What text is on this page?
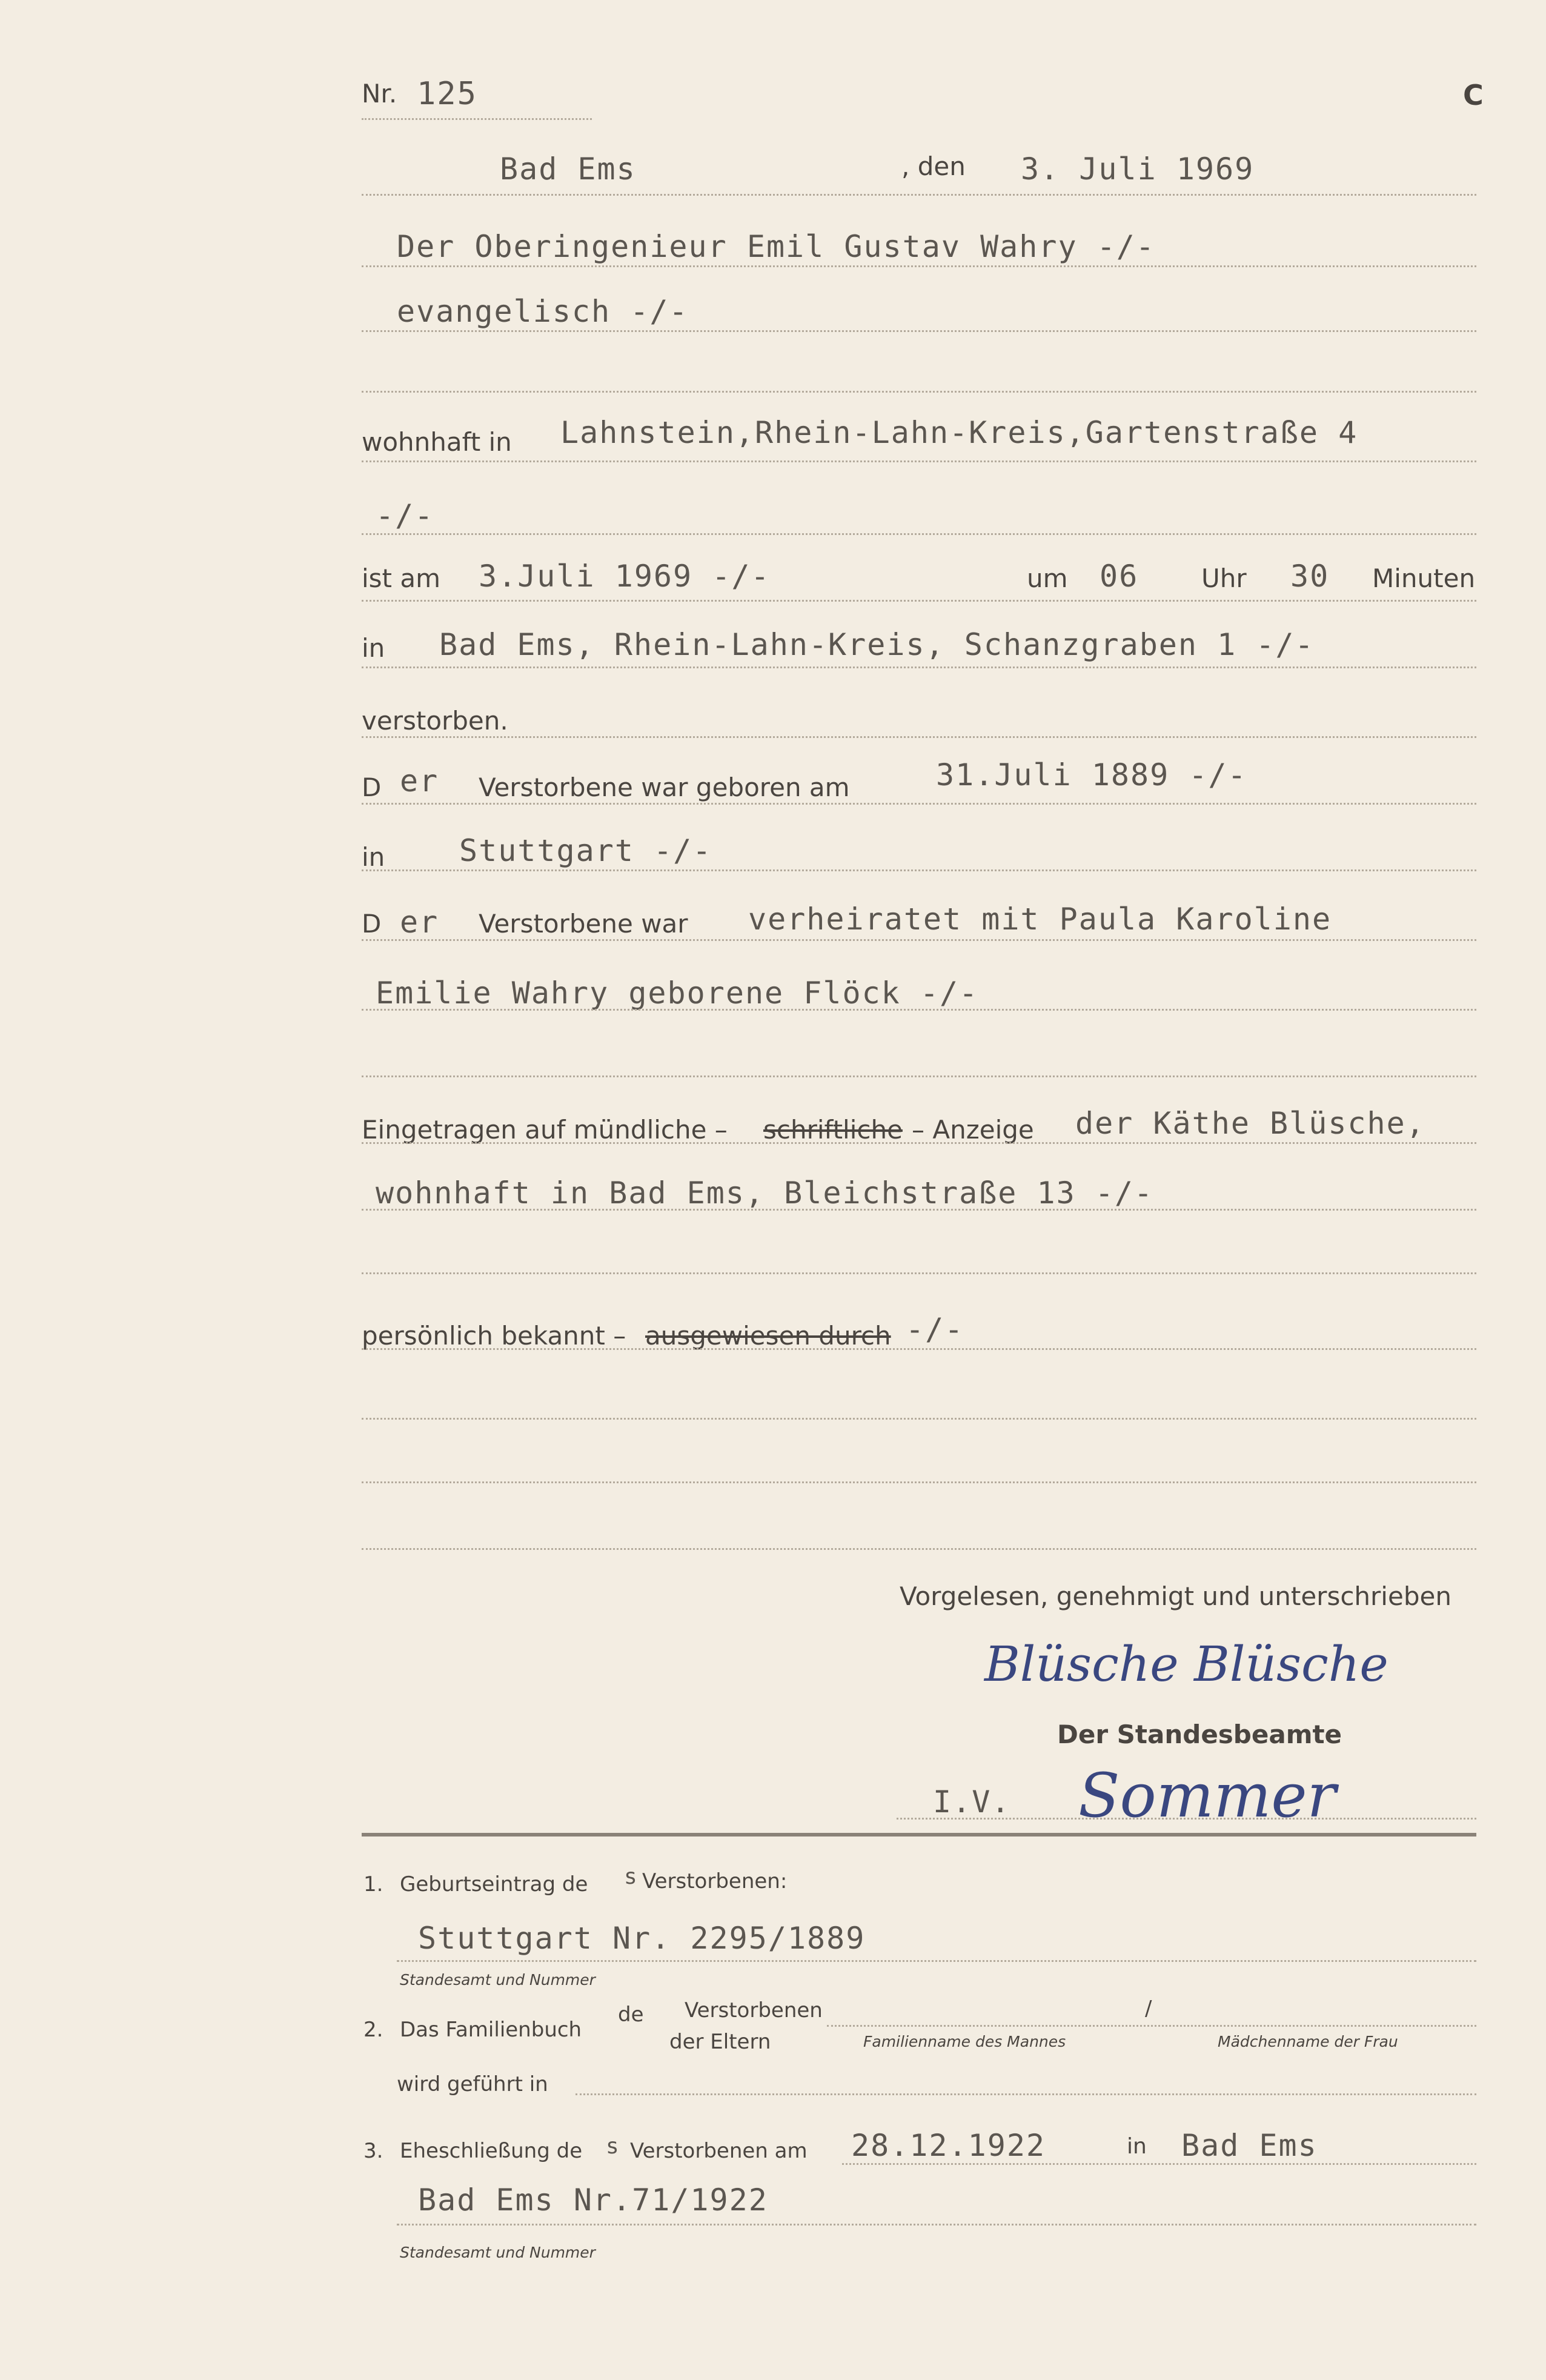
Nr. 125	C
Bad Ems	, den 3. Juli 1969
Der Oberingenieur Emil Gustav Wahry -/-
evangelisch -/-
wohnhaft in Lahnstein,Rhein-Lahn-Kreis,Gartenstraße 4
-/-
ist am 3.Juli 1969 -/-	um 06 Uhr 30 Minuten
in Bad Ems, Rhein-Lahn-Kreis, Schanzgraben 1 -/-
verstorben.
D er Verstorbene war geboren am	31.Juli 1889 -/-
in Stuttgart -/-
D er Verstorbene war verheiratet mit Paula Karoline
Emilie Wahry geborene Flöck -/-
Eingetragen auf mündliche – schriftliche – Anzeige der Käthe Blüsche,
wohnhaft in Bad Ems, Bleichstraße 13 -/-
persönlich bekannt – ausgewiesen durch -/-
Vorgelesen, genehmigt und unterschrieben
Blüsche Blüsche
Der Standesbeamte
I.V. Sommer
1. Geburtseintrag de s Verstorbenen:
Stuttgart Nr. 2295/1889
Standesamt und Nummer
2. Das Familienbuch
de Verstorbenen
der Eltern
/
Familienname des Mannes	Mädchenname der Frau
wird geführt in
3. Eheschließung de s Verstorbenen am 28.12.1922	in Bad Ems
Bad Ems Nr.71/1922
Standesamt und Nummer
